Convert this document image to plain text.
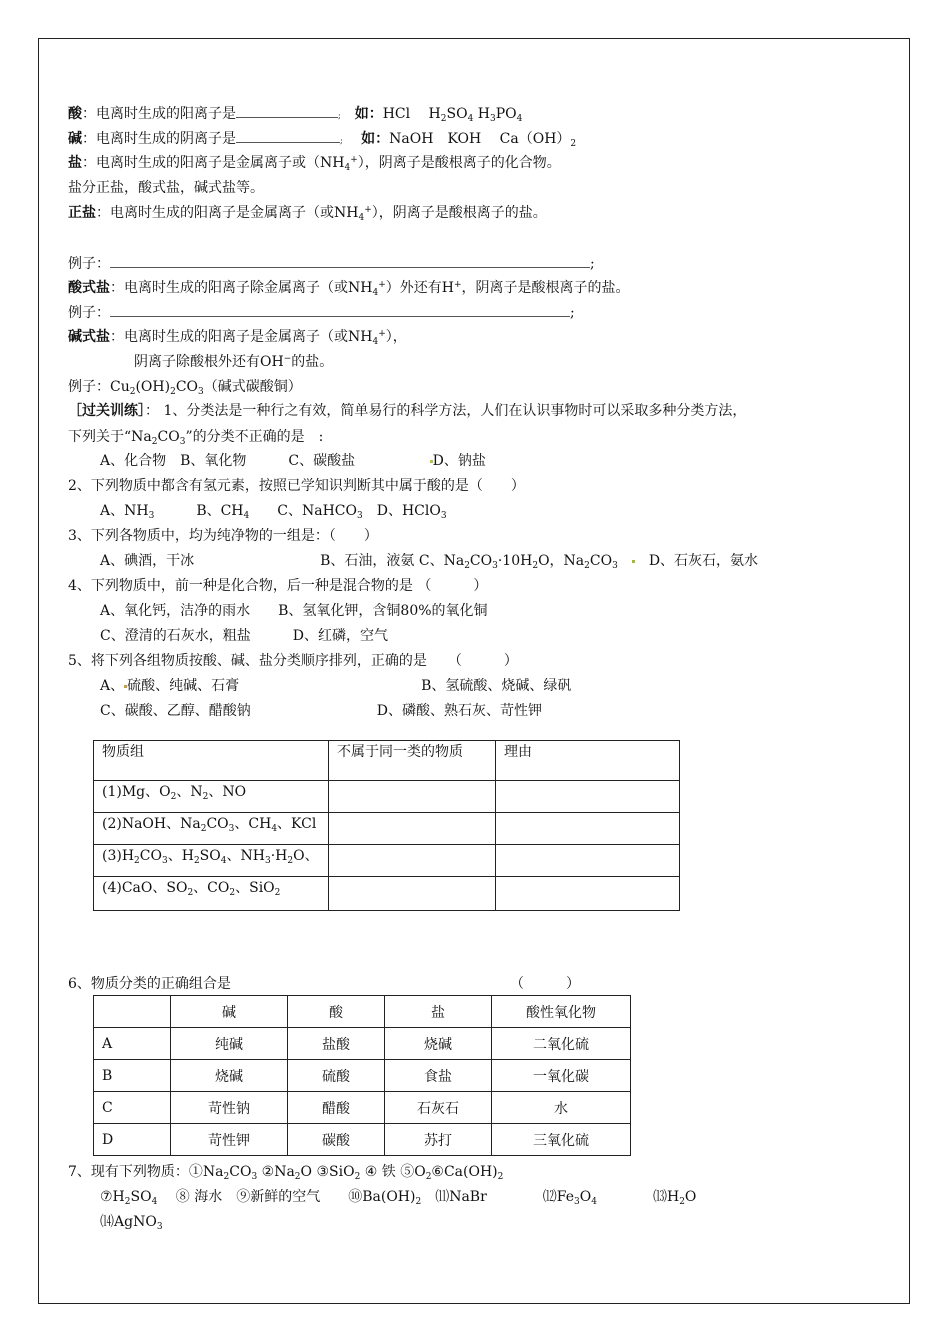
酸：电离时生成的阳离子是	;　 如：HCl　 $H_2SO_4$ $H_3PO_4$
碱：电离时生成的阴离子是	;　 如：NaOH　KOH　 $Ca(OH)_2$
盐：电离时生成的阳离子是金属离子或$(NH_4^+)$，阴离子是酸根离子的化合物。
盐分正盐，酸式盐，碱式盐等。
正盐：电离时生成的阳离子是金属离子（或$NH_4^+$），阴离子是酸根离子的盐。
例子：	;
酸式盐：电离时生成的阳离子除金属离子（或$NH_4^+$）外还有H+，阴离子是酸根离子的盐。
例子：	;
碱式盐：电离时生成的阳离子是金属离子（或$NH_4^+$），
阴离子除酸根外还有OH−的盐。
例子：$Cu_2(OH)_2CO_3$（碱式碳酸铜）
［过关训练］： 1、分类法是一种行之有效，简单易行的科学方法，人们在认识事物时可以采取多种分类方法，
下列关于“$Na_2CO_3$”的分类不正确的是　:
A、化合物　 B、氧化物　　　	C、碳酸盐　　　　　	D、钠盐
2、下列物质中都含有氢元素，按照已学知识判断其中属于酸的是（　　）
A、$NH_3$　　　	B、$CH_4$　　 C、NaHCO$_3$　 D、HClO$_3$
3、下列各物质中，均为纯净物的一组是：（　　）
A、碘酒，干冰　　　　　　　　　	B、石油，液氨 C、$Na_2CO_3\cdot 10H_2O$，$Na_2CO_3$　　 D、石灰石，氨水
4、下列物质中，前一种是化合物，后一种是混合物的是 （　　　）
A、氧化钙，洁净的雨水　　 B、氢氧化钾，含铜80%的氧化铜
C、澄清的石灰水，粗盐　　　	D、红磷，空气
5、将下列各组物质按酸、碱、盐分类顺序排列，正确的是　　（　　　）
A、 硫酸、纯碱、石膏　　　　　　　　　　　　　	B、氢硫酸、烧碱、绿矾
C、碳酸、乙醇、醋酸钠　　　　　　　　　	D、磷酸、熟石灰、苛性钾
物质组	不属于同一类的物质	理由
(1)Mg、$O_2$、$N_2$、NO		
(2)NaOH、$Na_2CO_3$、$CH_4$、KCl		
$(3)H_2CO_3$、$H_2SO_4$、$NH_3\cdot H_2O$、		
(4)CaO、$SO_2$、$CO_2$、SiO$_2$		
6、物质分类的正确组合是	（　　　）
	碱	酸	盐	酸性氧化物
A	纯碱	盐酸	烧碱	二氧化硫
B	烧碱	硫酸	食盐	一氧化碳
C	苛性钠	醋酸	石灰石	水
D	苛性钾	碳酸	苏打	三氧化硫
7、现有下列物质：$①Na_2CO_3$ $②Na_2O$ ③SiO$_2$ ④ 铁 $⑤O_2⑥Ca(OH)_2$
$⑦H_2SO_4$　 ⑧ 海水　 ⑨新鲜的空气　　 $⑩Ba(OH)_2$　 ⑾NaBr　　　　	$⑿Fe_3O_4$　　　　	$⒀H_2O$
⒁AgNO$_3$
